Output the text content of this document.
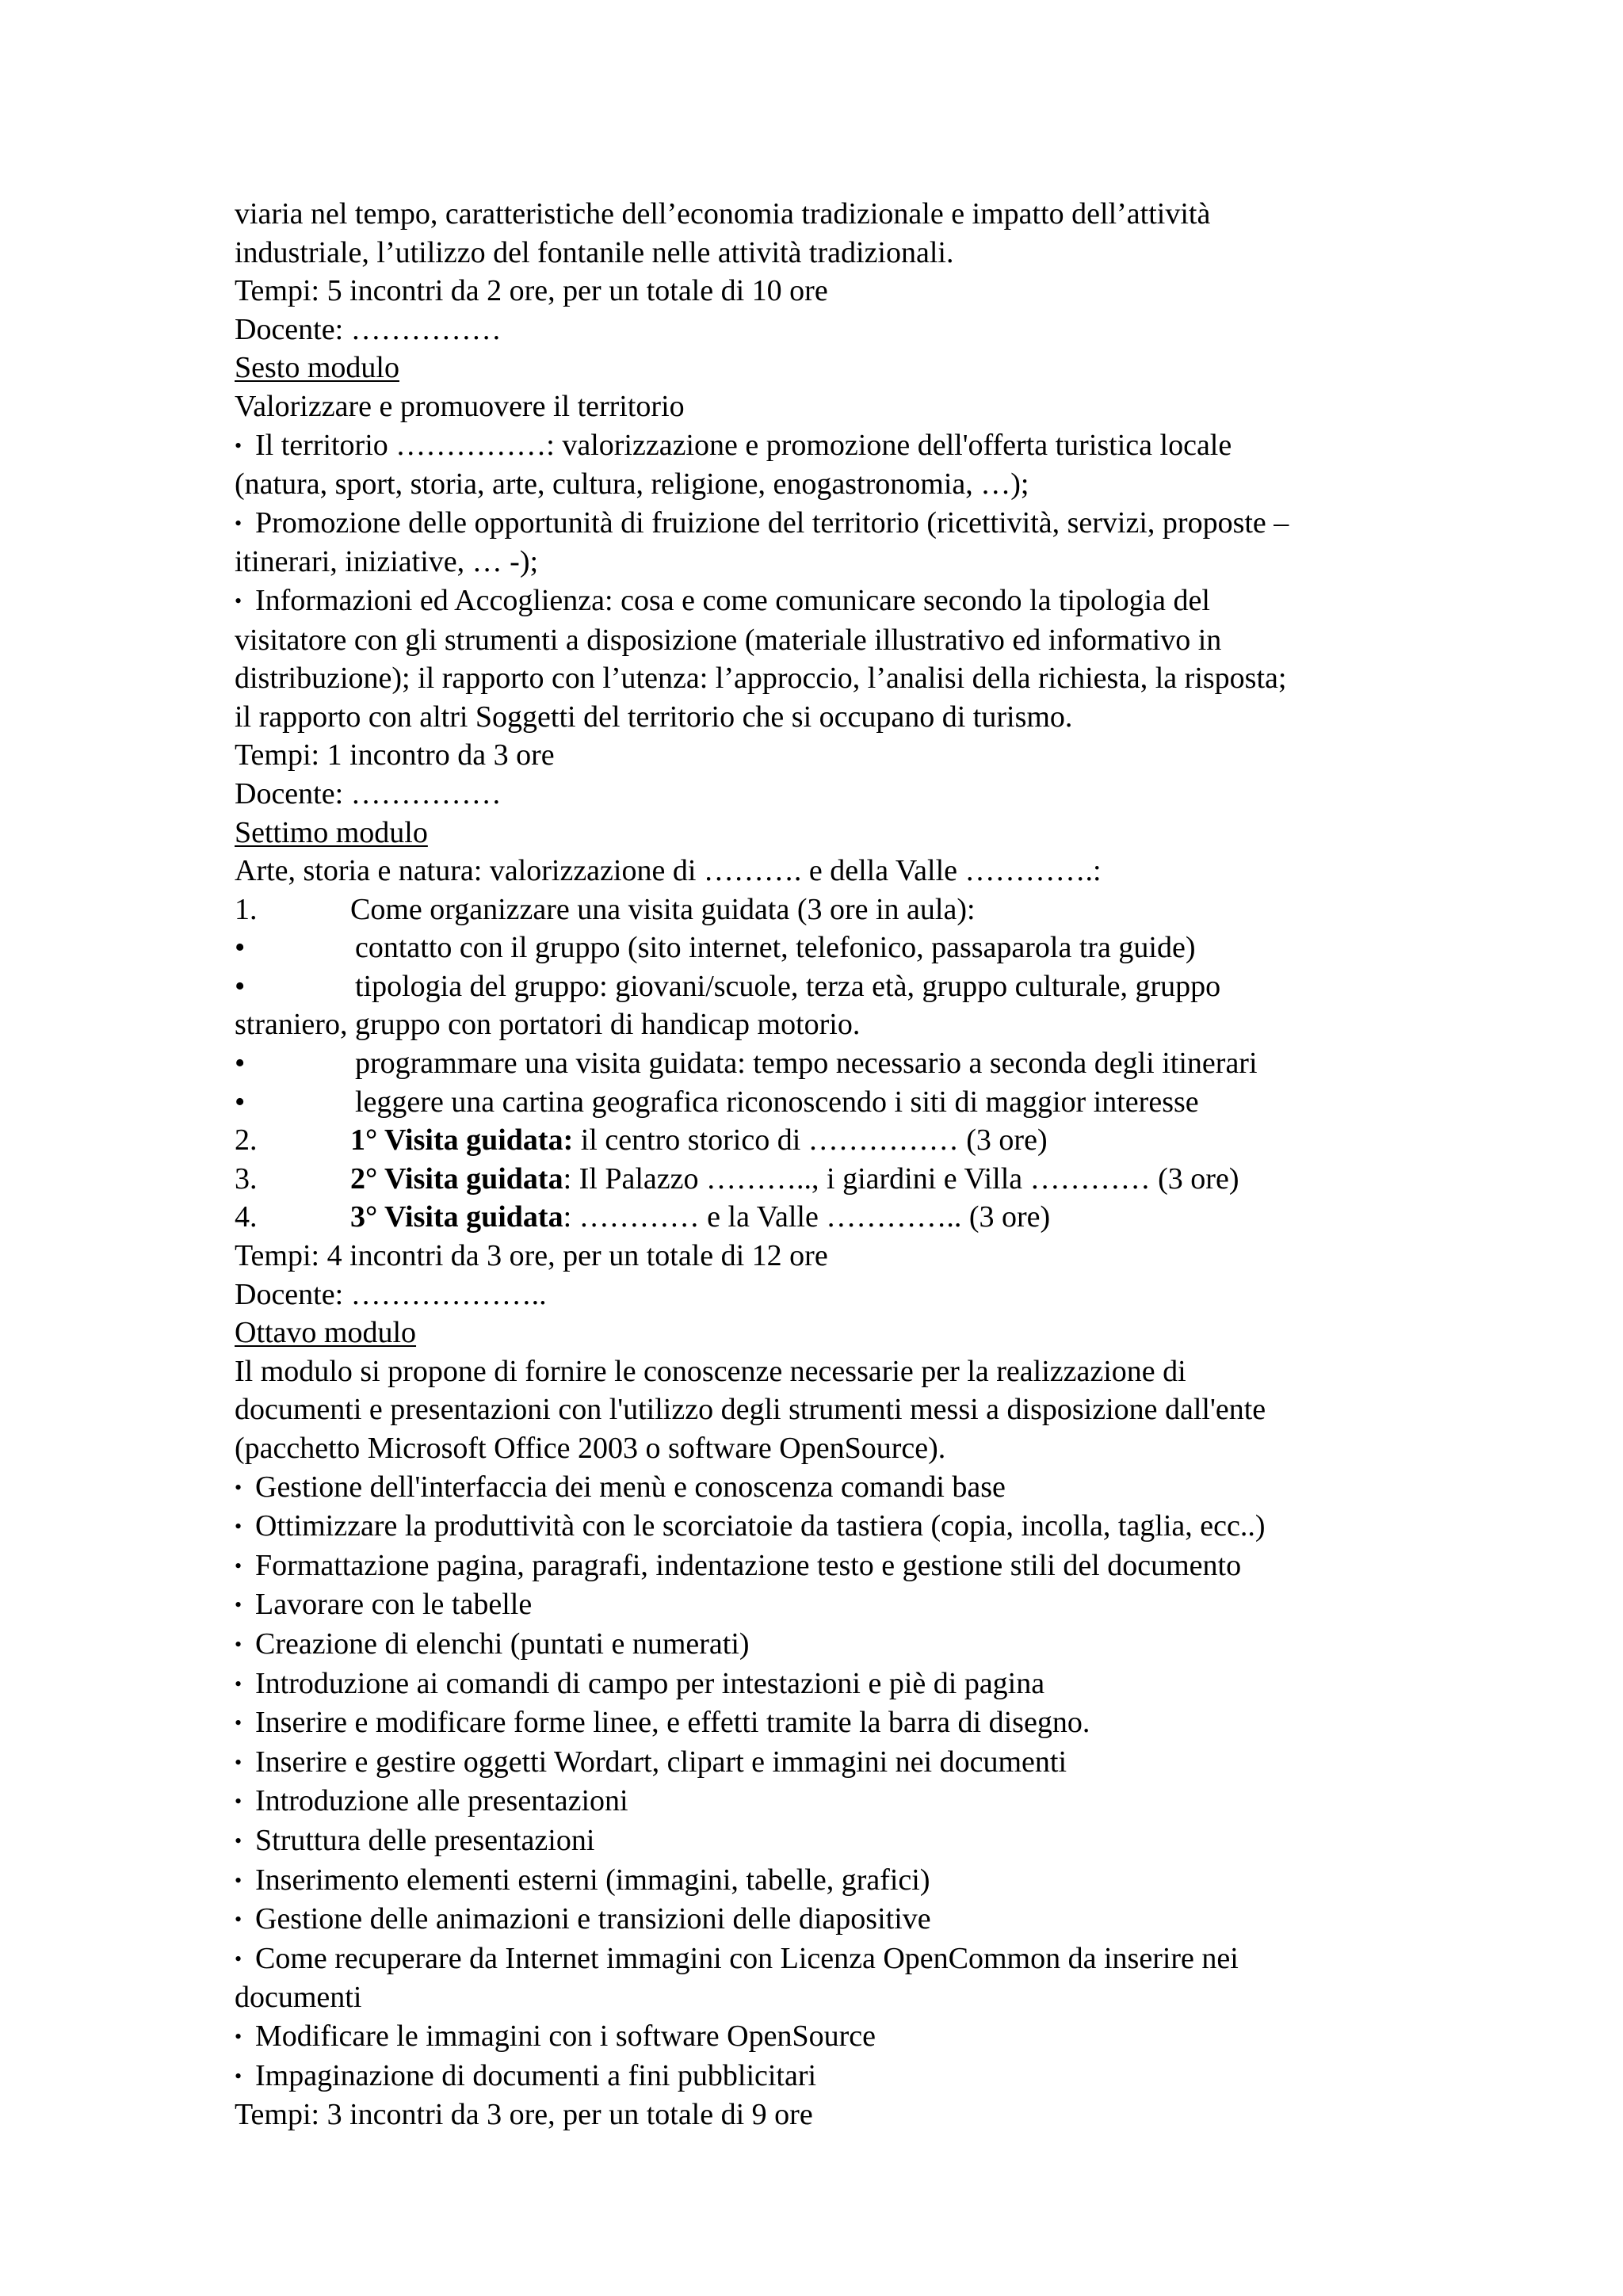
viaria nel tempo, caratteristiche dell’economia tradizionale e impatto dell’attività
industriale, l’utilizzo del fontanile nelle attività tradizionali.
Tempi: 5 incontri da 2 ore, per un totale di 10 ore
Docente: ……………
Sesto modulo
Valorizzare e promuovere il territorio
• Il territorio ……………: valorizzazione e promozione dell'offerta turistica locale
(natura, sport, storia, arte, cultura, religione, enogastronomia, …);
• Promozione delle opportunità di fruizione del territorio (ricettività, servizi, proposte –
itinerari, iniziative, … -);
• Informazioni ed Accoglienza: cosa e come comunicare secondo la tipologia del
visitatore con gli strumenti a disposizione (materiale illustrativo ed informativo in
distribuzione); il rapporto con l’utenza: l’approccio, l’analisi della richiesta, la risposta;
il rapporto con altri Soggetti del territorio che si occupano di turismo.
Tempi: 1 incontro da 3 ore
Docente: ……………
Settimo modulo
Arte, storia e natura: valorizzazione di ………. e della Valle ………….:
1.	Come organizzare una visita guidata (3 ore in aula):
•	contatto con il gruppo (sito internet, telefonico, passaparola tra guide)
•	tipologia del gruppo: giovani/scuole, terza età, gruppo culturale, gruppo
straniero, gruppo con portatori di handicap motorio.
•	programmare una visita guidata: tempo necessario a seconda degli itinerari
•	leggere una cartina geografica riconoscendo i siti di maggior interesse
2.	1° Visita guidata: il centro storico di …………… (3 ore)
3.	2° Visita guidata: Il Palazzo ……….., i giardini e Villa ………… (3 ore)
4.	3° Visita guidata: ………… e la Valle ………….. (3 ore)
Tempi: 4 incontri da 3 ore, per un totale di 12 ore
Docente: ………………..
Ottavo modulo
Il modulo si propone di fornire le conoscenze necessarie per la realizzazione di
documenti e presentazioni con l'utilizzo degli strumenti messi a disposizione dall'ente
(pacchetto Microsoft Office 2003 o software OpenSource).
• Gestione dell'interfaccia dei menù e conoscenza comandi base
• Ottimizzare la produttività con le scorciatoie da tastiera (copia, incolla, taglia, ecc..)
• Formattazione pagina, paragrafi, indentazione testo e gestione stili del documento
• Lavorare con le tabelle
• Creazione di elenchi (puntati e numerati)
• Introduzione ai comandi di campo per intestazioni e piè di pagina
• Inserire e modificare forme linee, e effetti tramite la barra di disegno.
• Inserire e gestire oggetti Wordart, clipart e immagini nei documenti
• Introduzione alle presentazioni
• Struttura delle presentazioni
• Inserimento elementi esterni (immagini, tabelle, grafici)
• Gestione delle animazioni e transizioni delle diapositive
• Come recuperare da Internet immagini con Licenza OpenCommon da inserire nei
documenti
• Modificare le immagini con i software OpenSource
• Impaginazione di documenti a fini pubblicitari
Tempi: 3 incontri da 3 ore, per un totale di 9 ore
